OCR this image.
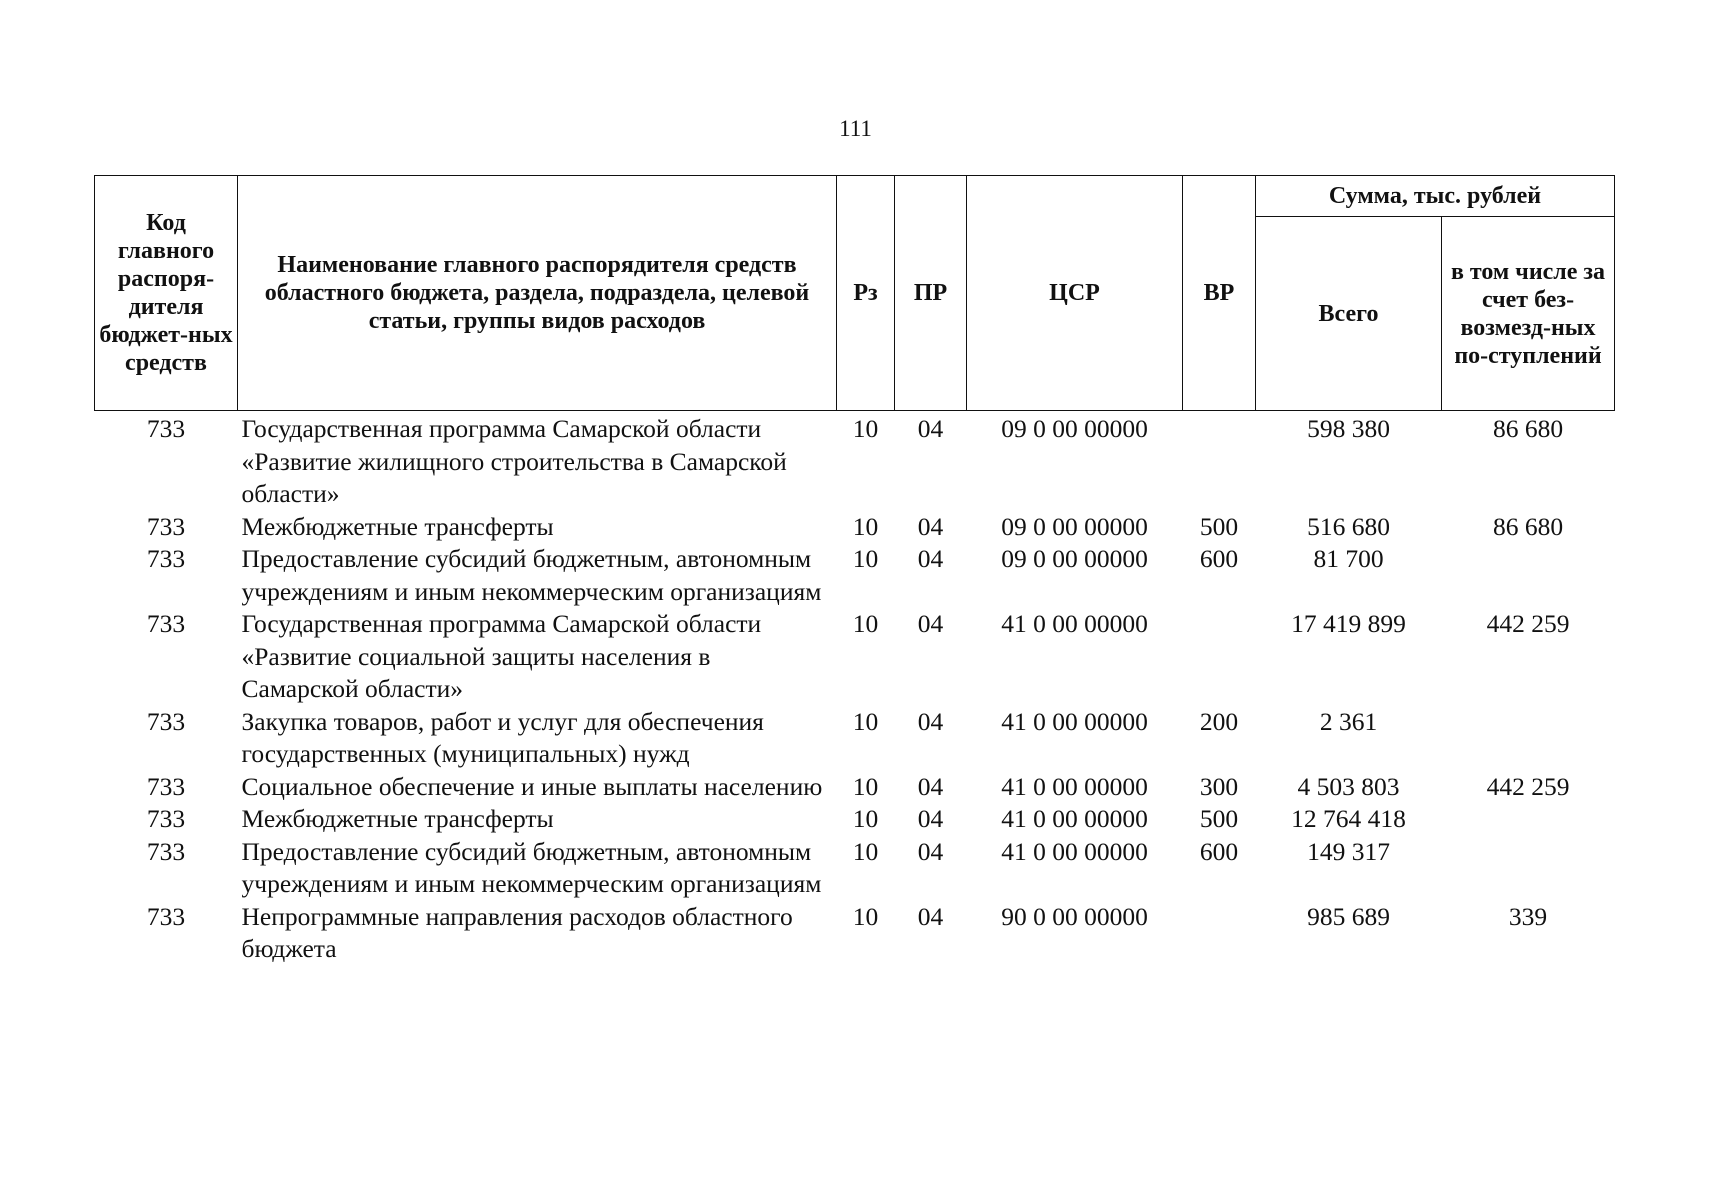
111
Код главного распоря-дителя бюджет-ных средств	Наименование главного распорядителя средств областного бюджета, раздела, подраздела, целевой статьи, группы видов расходов	Рз	ПР	ЦСР	ВР	Сумма, тыс. рублей	
						Всего	в том числе за счет без-возмезд-ных по-ступлений
733	Государственная программа Самарской области «Развитие жилищного строительства в Самарской области»	10	04	09 0 00 00000		598 380	86 680
733	Межбюджетные трансферты	10	04	09 0 00 00000	500	516 680	86 680
733	Предоставление субсидий бюджетным, автономным учреждениям и иным некоммерческим организациям	10	04	09 0 00 00000	600	81 700	
733	Государственная программа Самарской области «Развитие социальной защиты населения в Самарской области»	10	04	41 0 00 00000		17 419 899	442 259
733	Закупка товаров, работ и услуг для обеспечения государственных (муниципальных) нужд	10	04	41 0 00 00000	200	2 361	
733	Социальное обеспечение и иные выплаты населению	10	04	41 0 00 00000	300	4 503 803	442 259
733	Межбюджетные трансферты	10	04	41 0 00 00000	500	12 764 418	
733	Предоставление субсидий бюджетным, автономным учреждениям и иным некоммерческим организациям	10	04	41 0 00 00000	600	149 317	
733	Непрограммные направления расходов областного бюджета	10	04	90 0 00 00000		985 689	339
